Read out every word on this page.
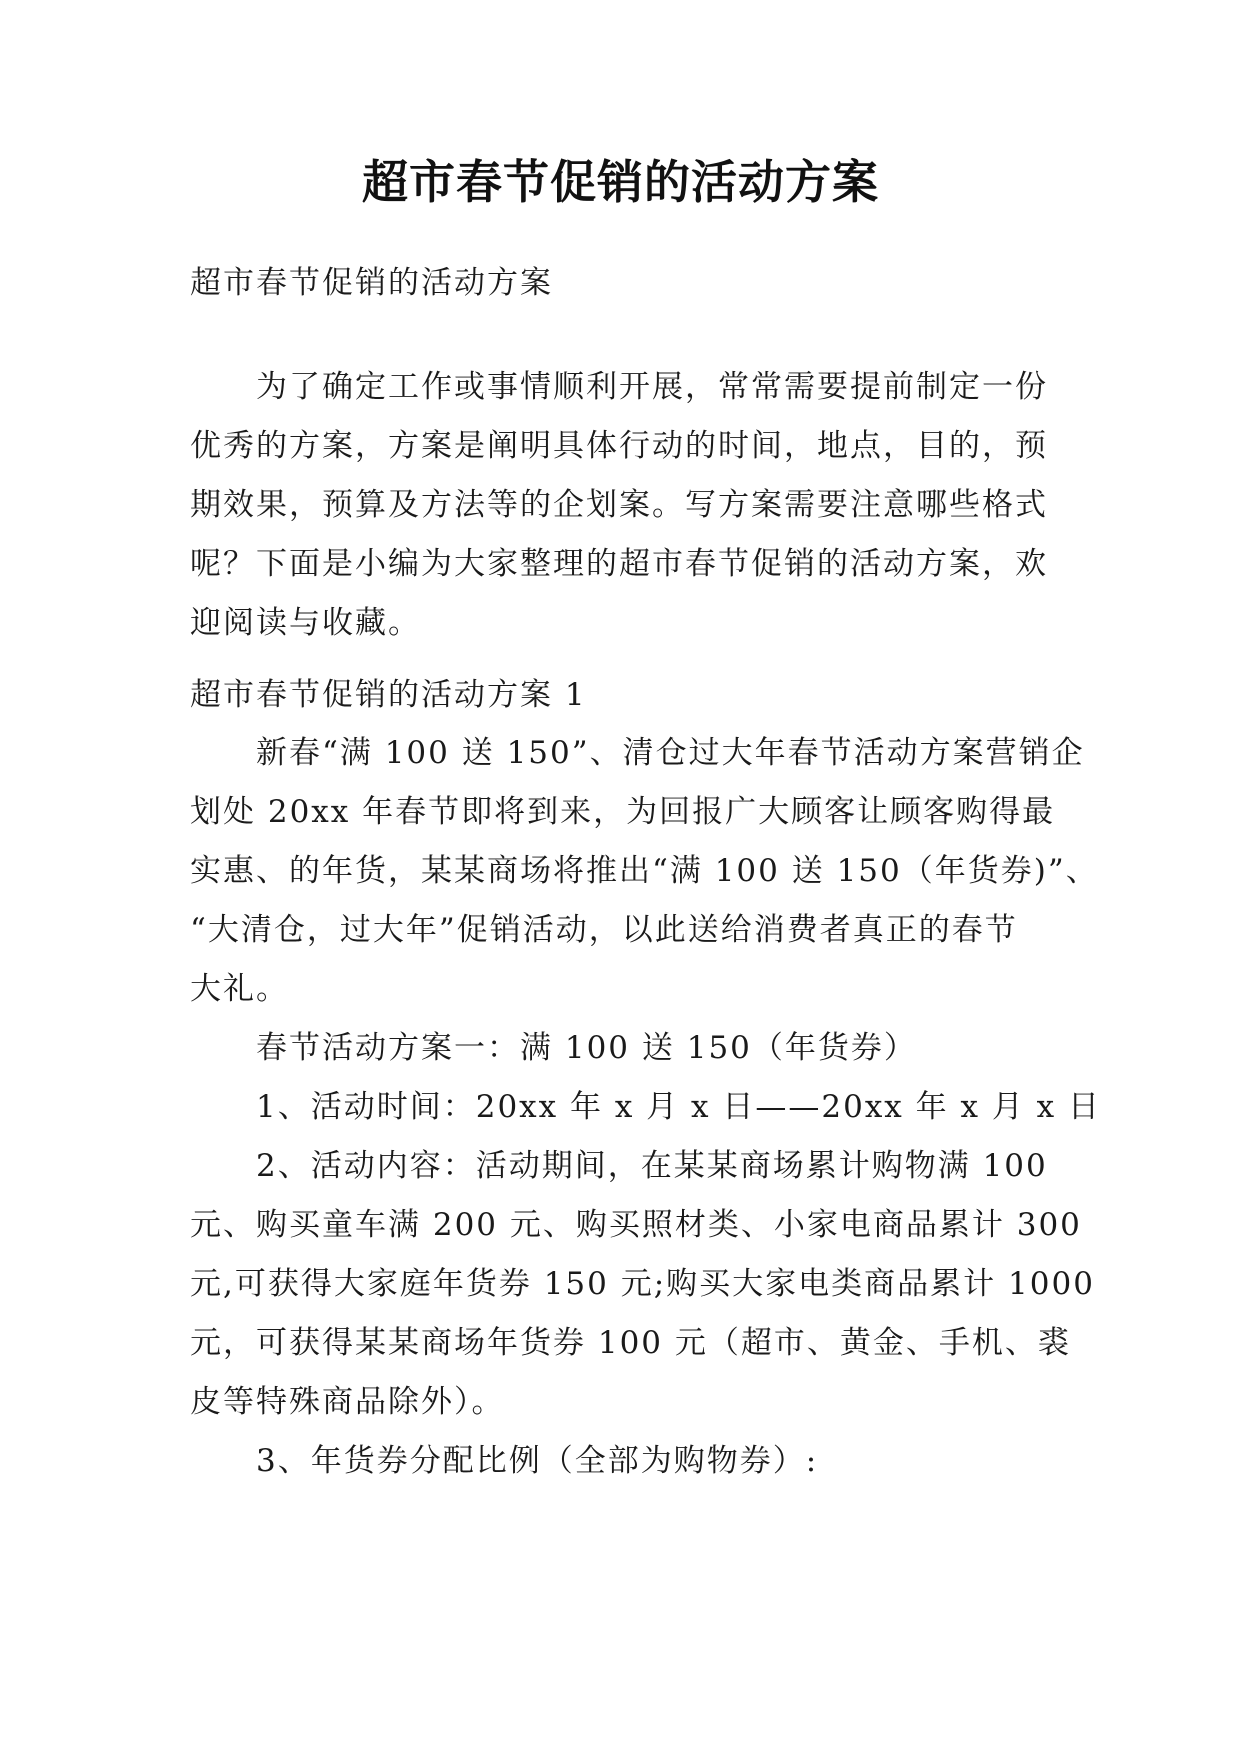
超市春节促销的活动方案
超市春节促销的活动方案
为了确定工作或事情顺利开展，常常需要提前制定一份
优秀的方案，方案是阐明具体行动的时间，地点，目的，预
期效果，预算及方法等的企划案。写方案需要注意哪些格式
呢？下面是小编为大家整理的超市春节促销的活动方案，欢
迎阅读与收藏。
超市春节促销的活动方案 1
新春“满 100 送 150”、清仓过大年春节活动方案营销企
划处 20xx 年春节即将到来，为回报广大顾客让顾客购得最
实惠、的年货，某某商场将推出“满 100 送 150（年货券)”、
“大清仓，过大年”促销活动，以此送给消费者真正的春节
大礼。
春节活动方案一：满 100 送 150（年货券）
1、活动时间：20xx 年 x 月 x 日——20xx 年 x 月 x 日
2、活动内容：活动期间，在某某商场累计购物满 100
元、购买童车满 200 元、购买照材类、小家电商品累计 300
元,可获得大家庭年货券 150 元;购买大家电类商品累计 1000
元，可获得某某商场年货券 100 元（超市、黄金、手机、裘
皮等特殊商品除外）。
3、年货券分配比例（全部为购物券）:
